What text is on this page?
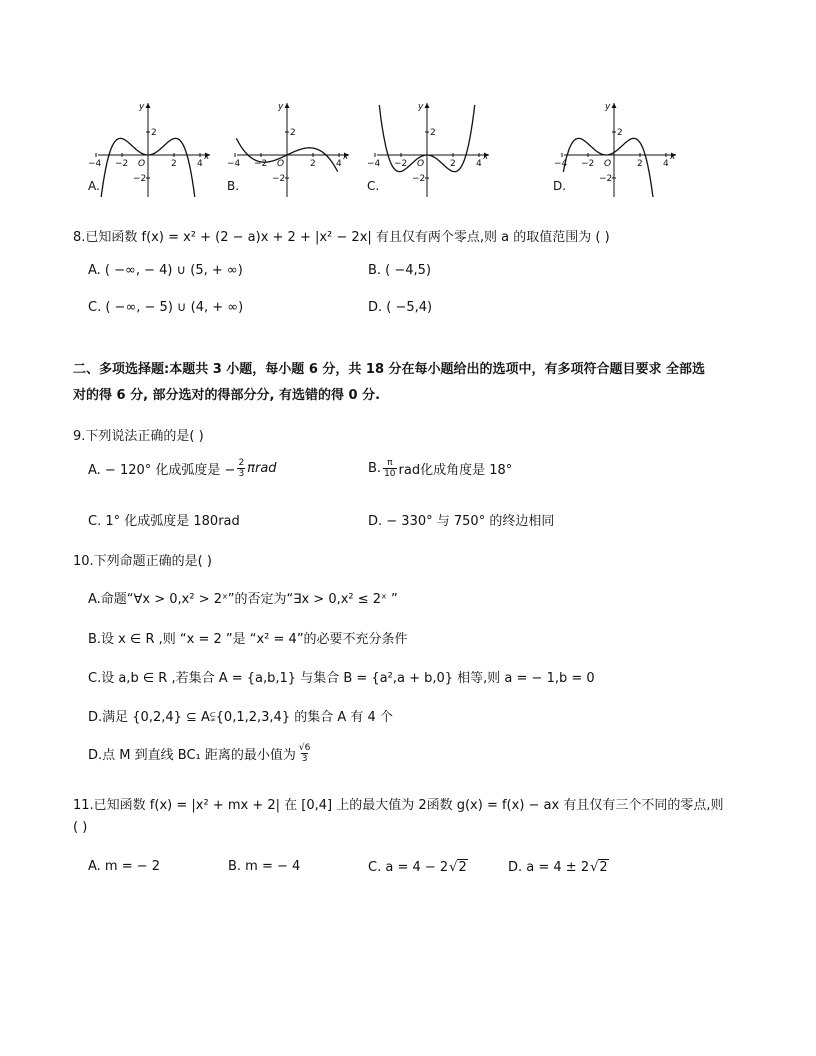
y
x
O
2
−2
4
−4 −2	2
A.
y
x
O
2
−2
4
−4 −2	2
B.
y
x
O
2
−2
4
−4 −2	2
C.
y
x
O
2
−2
4
−4 −2	2
D.
8.已知函数 f(x) = x² + (2 − a)x + 2 + |x² − 2x| 有且仅有两个零点,则 a 的取值范围为 ( )
A. ( −∞, − 4) ∪ (5, + ∞)	B. ( −4,5)
C. ( −∞, − 5) ∪ (4, + ∞)	D. ( −5,4)
二、多项选择题:本题共 3 小题，每小题 6 分，共 18 分在每小题给出的选项中，有多项符合题目要求 全部选
对的得 6 分, 部分选对的得部分分, 有选错的得 0 分.
9.下列说法正确的是( )
A. − 120° 化成弧度是 − $\frac{2}{3}$ πrad	B. $\frac{\pi}{10}$ rad化成角度是 18°
C. 1° 化成弧度是 180rad	D. − 330° 与 750° 的终边相同
10.下列命题正确的是( )
A.命题“∀x > 0,x² > 2ˣ”的否定为“∃x > 0,x² ≤ 2ˣ ”
B.设 x ∈ R ,则 “x = 2 ”是 “x² = 4”的必要不充分条件
C.设 a,b ∈ R ,若集合 A = {a,b,1} 与集合 B = {a²,a + b,0} 相等,则 a = − 1,b = 0
D.满足 {0,2,4} ⊆ A⫋{0,1,2,3,4} 的集合 A 有 4 个
D.点 M 到直线 BC₁ 距离的最小值为 $\frac{√6}{3}$
11.已知函数 f(x) = |x² + mx + 2| 在 [0,4] 上的最大值为 2函数 g(x) = f(x) − ax 有且仅有三个不同的零点,则
( )
A. m = − 2	B. m = − 4	C. a = 4 − 2 √ 2	D. a = 4 ± 2 √ 2
